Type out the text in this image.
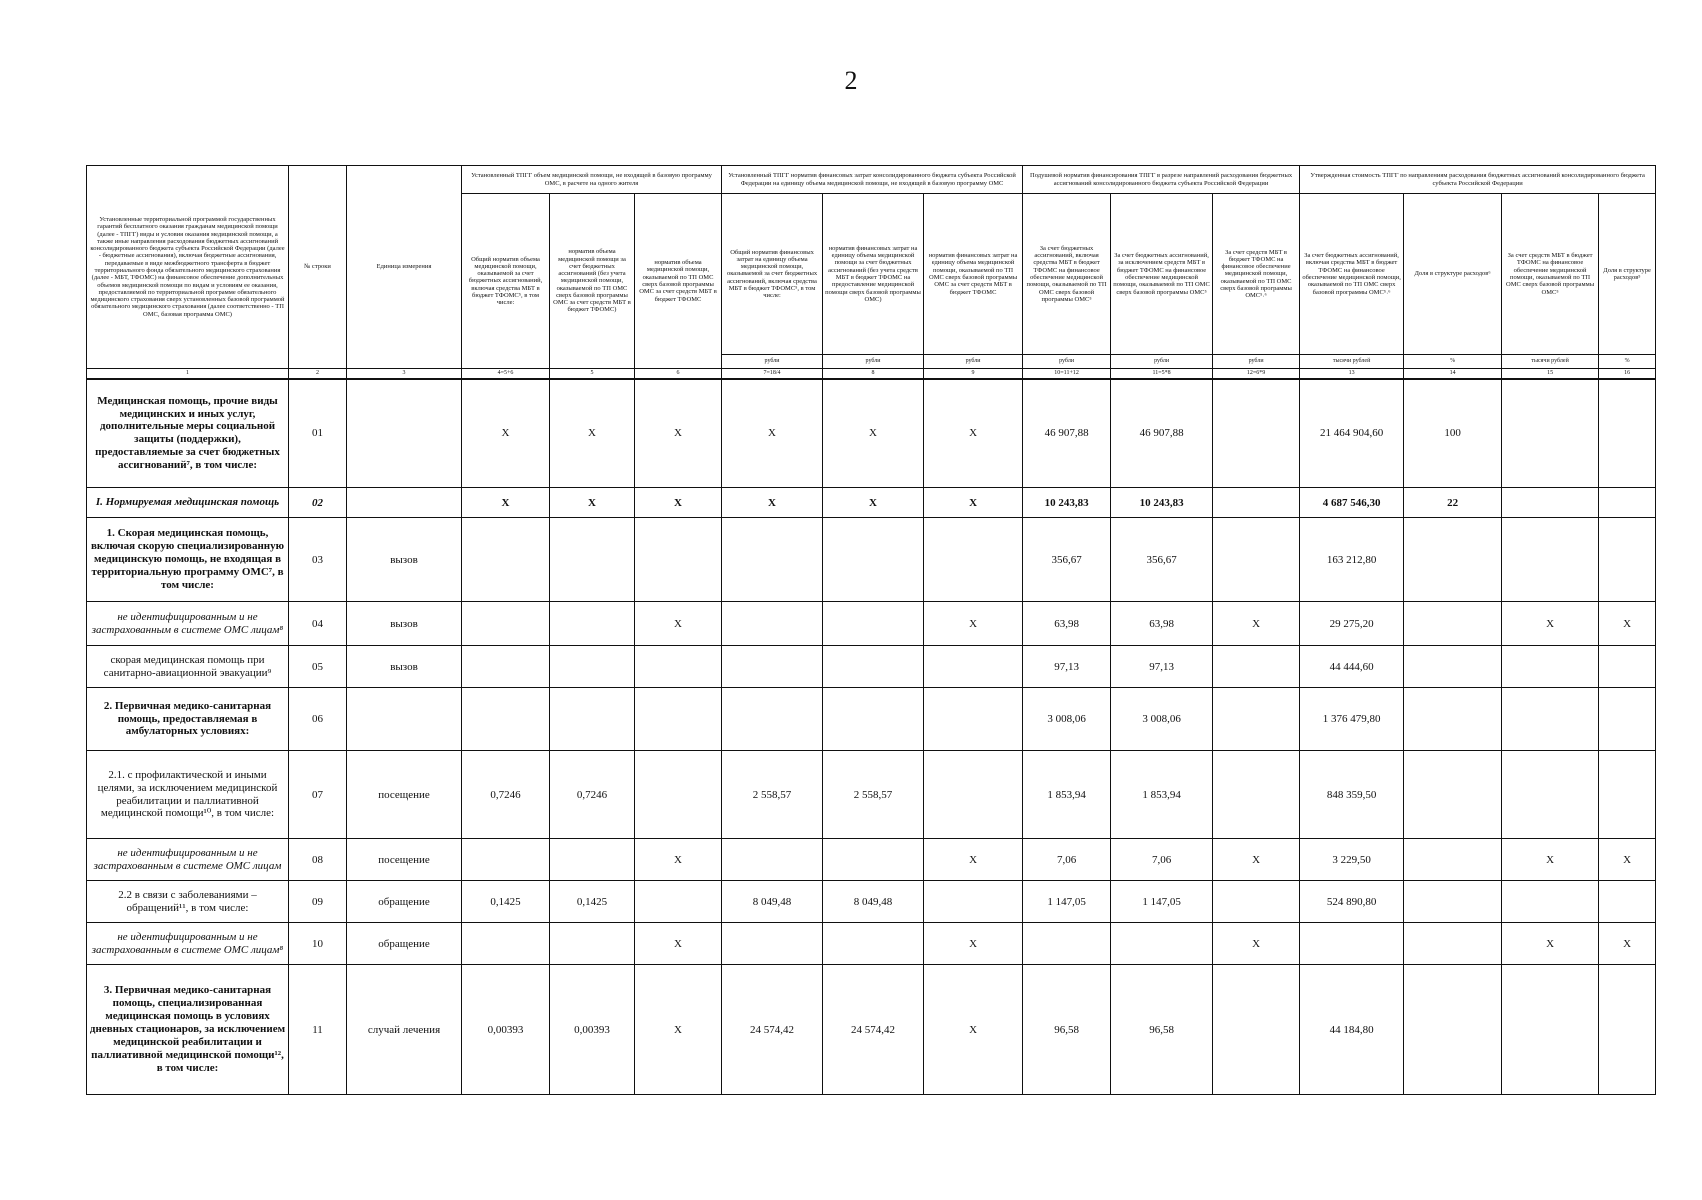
2
Установленные территориальной программой государственных гарантий бесплатного оказания гражданам медицинской помощи (далее - ТПГГ) виды и условия оказания медицинской помощи, а также иные направления расходования бюджетных ассигнований консолидированного бюджета субъекта Российской Федерации (далее - бюджетные ассигнования), включая бюджетные ассигнования, передаваемые в виде межбюджетного трансферта в бюджет территориального фонда обязательного медицинского страхования (далее - МБТ, ТФОМС) на финансовое обеспечение дополнительных объемов медицинской помощи по видам и условиям ее оказания, предоставляемой по территориальной программе обязательного медицинского страхования сверх установленных базовой программой обязательного медицинского страхования (далее соответственно - ТП ОМС, базовая программа ОМС)	№ строки	Единица измерения	Установленный ТПГГ объем медицинской помощи, не входящей в базовую программу ОМС, в расчете на одного жителя			Установленный ТПГГ норматив финансовых затрат консолидированного бюджета субъекта Российской Федерации на единицу объема медицинской помощи, не входящей в базовую программу ОМС			Подушевой норматив финансирования ТПГГ в разрезе направлений расходования бюджетных ассигнований консолидированного бюджета субъекта Российской Федерации			Утвержденная стоимость ТПГГ по направлениям расходования бюджетных ассигнований консолидированного бюджета субъекта Российской Федерации			
			Общий норматив объема медицинской помощи, оказываемой за счет бюджетных ассигнований, включая средства МБТ в бюджет ТФОМС⁵, в том числе:	норматив объема медицинской помощи за счет бюджетных ассигнований (без учета медицинской помощи, оказываемой по ТП ОМС сверх базовой программы ОМС за счет средств МБТ в бюджет ТФОМС)	норматив объема медицинской помощи, оказываемой по ТП ОМС сверх базовой программы ОМС за счет средств МБТ в бюджет ТФОМС	Общий норматив финансовых затрат на единицу объема медицинской помощи, оказываемой за счет бюджетных ассигнований, включая средства МБТ в бюджет ТФОМС⁵, в том числе:	норматив финансовых затрат на единицу объема медицинской помощи за счет бюджетных ассигнований (без учета средств МБТ в бюджет ТФОМС на предоставление медицинской помощи сверх базовой программы ОМС)	норматив финансовых затрат на единицу объема медицинской помощи, оказываемой по ТП ОМС сверх базовой программы ОМС за счет средств МБТ в бюджет ТФОМС	За счет бюджетных ассигнований, включая средства МБТ в бюджет ТФОМС на финансовое обеспечение медицинской помощи, оказываемой по ТП ОМС сверх базовой программы ОМС⁵	За счет бюджетных ассигнований, за исключением средств МБТ в бюджет ТФОМС на финансовое обеспечение медицинской помощи, оказываемой по ТП ОМС сверх базовой программы ОМС⁵	За счет средств МБТ в бюджет ТФОМС на финансовое обеспечение медицинской помощи, оказываемой по ТП ОМС сверх базовой программы ОМС⁵˒⁶	За счет бюджетных ассигнований, включая средства МБТ в бюджет ТФОМС на финансовое обеспечение медицинской помощи, оказываемой по ТП ОМС сверх базовой программы ОМС⁵˒⁶	Доля в структуре расходов⁶	За счет средств МБТ в бюджет ТФОМС на финансовое обеспечение медицинской помощи, оказываемой по ТП ОМС сверх базовой программы ОМС⁵	Доля в структуре расходов⁵
						рубли	рубли	рубли	рубли	рубли	рубли	тысячи рублей	%	тысячи рублей	%
1	2	3	4=5+6	5	6	7=18/4	8	9	10=11+12	11=5*8	12=6*9	13	14	15	16
Медицинская помощь, прочие виды медицинских и иных услуг, дополнительные меры социальной защиты (поддержки), предоставляемые за счет бюджетных ассигнований⁷, в том числе:	01		X	X	X	X	X	X	46 907,88	46 907,88		21 464 904,60	100		
I. Нормируемая медицинская помощь	02		X	X	X	X	X	X	10 243,83	10 243,83		4 687 546,30	22		
1. Скорая медицинская помощь, включая скорую специализированную медицинскую помощь, не входящая в территориальную программу ОМС⁷, в том числе:	03	вызов							356,67	356,67		163 212,80			
не идентифицированным и не застрахованным в системе ОМС лицам⁸	04	вызов			X			X	63,98	63,98	X	29 275,20		X	X
скорая медицинская помощь при санитарно-авиационной эвакуации⁹	05	вызов							97,13	97,13		44 444,60			
2. Первичная медико-санитарная помощь, предоставляемая в амбулаторных условиях:	06								3 008,06	3 008,06		1 376 479,80			
2.1. с профилактической и иными целями, за исключением медицинской реабилитации и паллиативной медицинской помощи¹⁰, в том числе:	07	посещение	0,7246	0,7246		2 558,57	2 558,57		1 853,94	1 853,94		848 359,50			
не идентифицированным и не застрахованным в системе ОМС лицам	08	посещение			X			X	7,06	7,06	X	3 229,50		X	X
2.2 в связи с заболеваниями – обращений¹¹, в том числе:	09	обращение	0,1425	0,1425		8 049,48	8 049,48		1 147,05	1 147,05		524 890,80			
не идентифицированным и не застрахованным в системе ОМС лицам⁸	10	обращение			X			X			X			X	X
3. Первичная медико-санитарная помощь, специализированная медицинская помощь в условиях дневных стационаров, за исключением медицинской реабилитации и паллиативной медицинской помощи¹², в том числе:	11	случай лечения	0,00393	0,00393	X	24 574,42	24 574,42	X	96,58	96,58		44 184,80			
